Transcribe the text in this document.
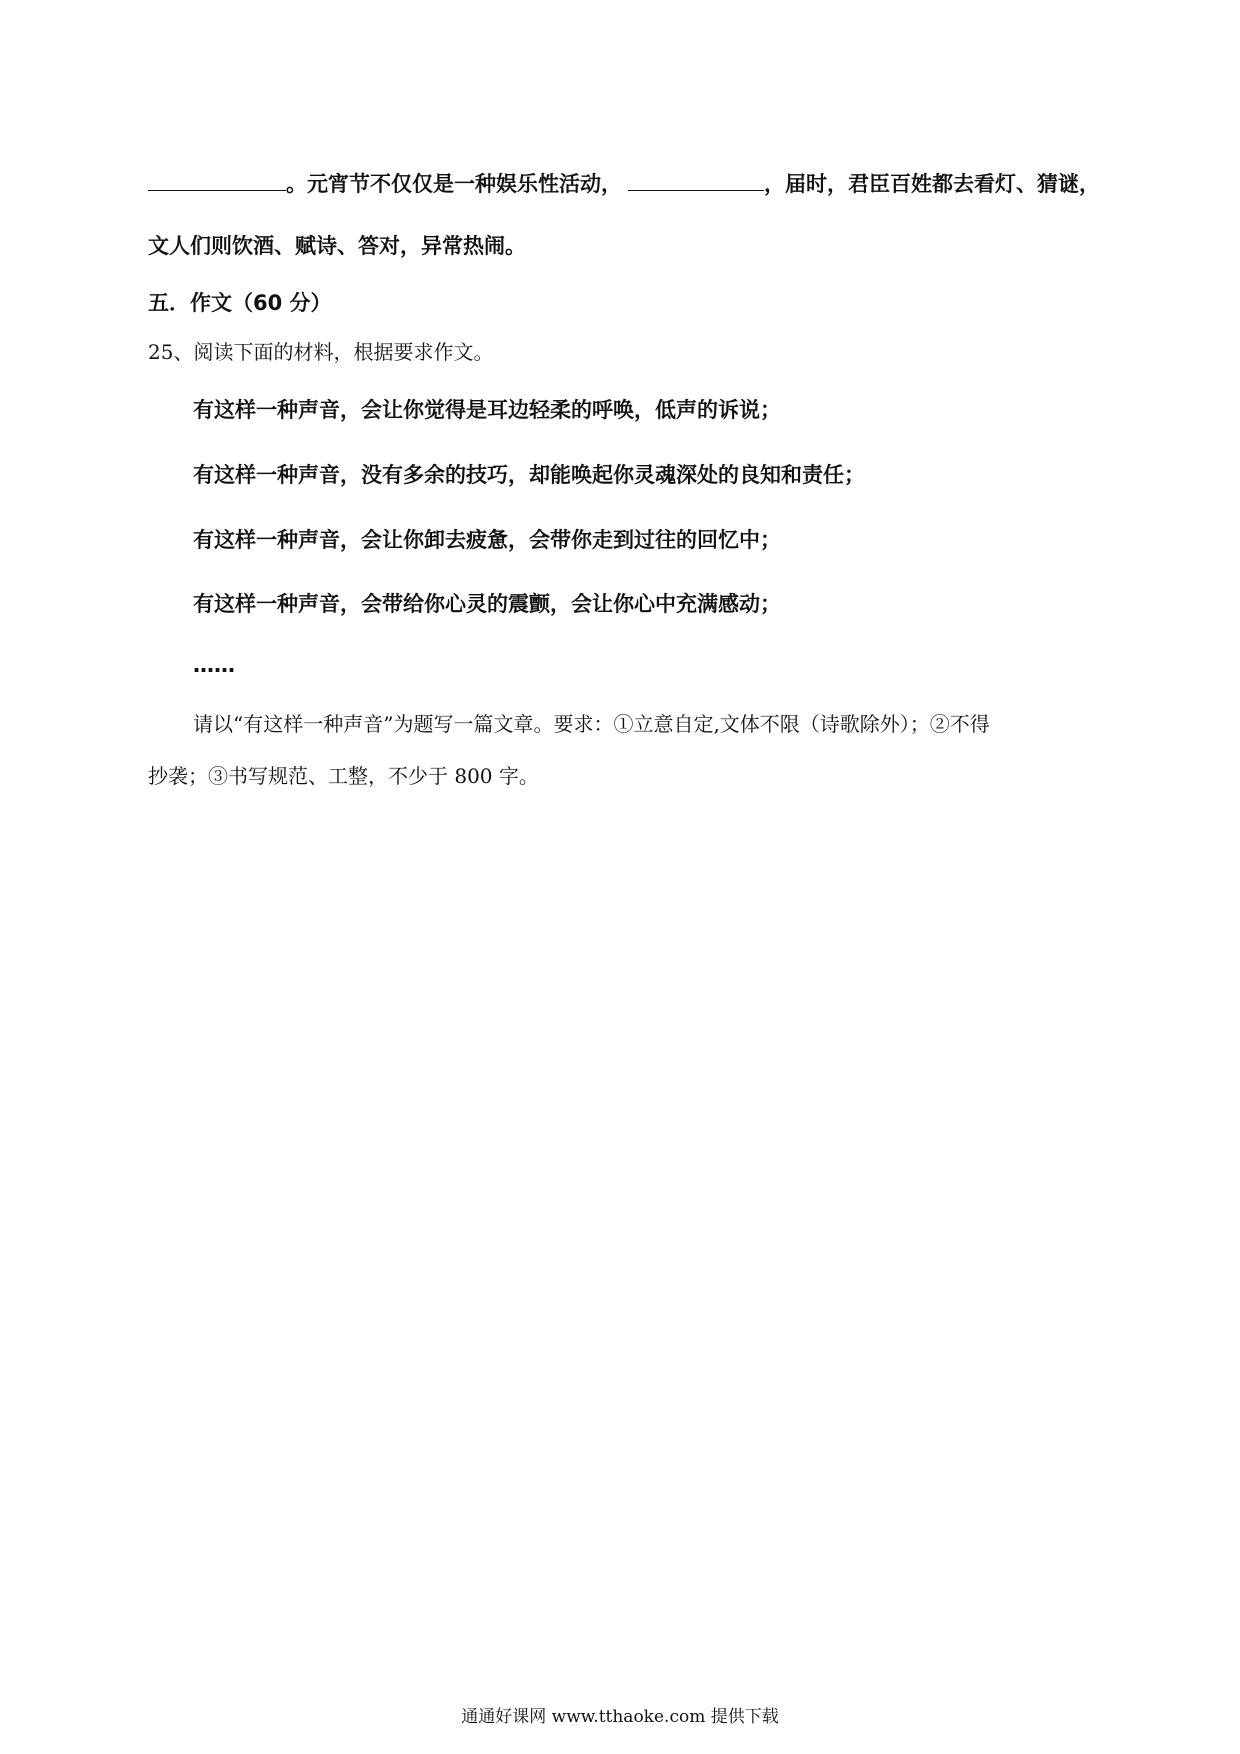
。元宵节不仅仅是一种娱乐性活动，	，届时，君臣百姓都去看灯、猜谜，
文人们则饮酒、赋诗、答对，异常热闹。
五．作文（60 分）
25、阅读下面的材料，根据要求作文。
有这样一种声音，会让你觉得是耳边轻柔的呼唤，低声的诉说；
有这样一种声音，没有多余的技巧，却能唤起你灵魂深处的良知和责任；
有这样一种声音，会让你卸去疲惫，会带你走到过往的回忆中；
有这样一种声音，会带给你心灵的震颤，会让你心中充满感动；
……
请以“有这样一种声音”为题写一篇文章。要求：①立意自定,文体不限（诗歌除外）；②不得
抄袭；③书写规范、工整，不少于 800 字。
通通好课网 www.tthaoke.com 提供下载
